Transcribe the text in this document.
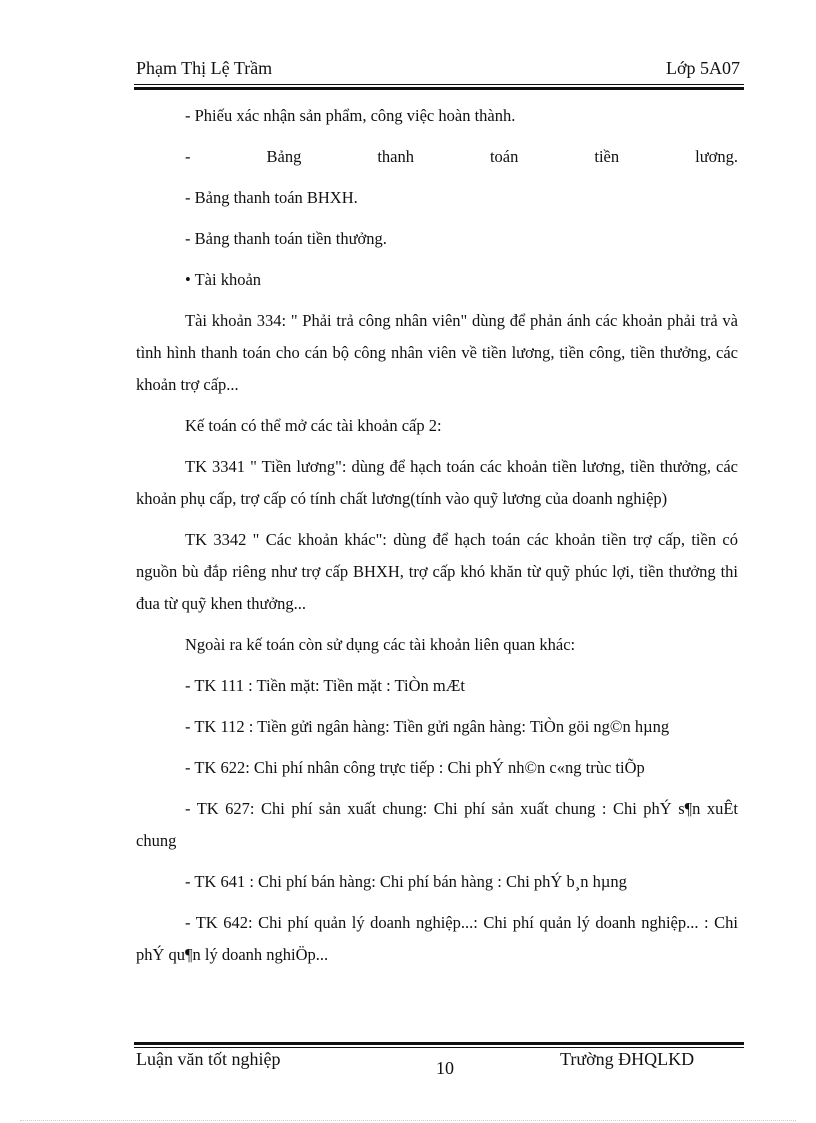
Phạm Thị Lệ Trầm	Lớp 5A07

- Phiếu xác nhận sản phẩm, công việc hoàn thành.

- Bảng thanh toán tiền lương.

- Bảng thanh toán BHXH.

- Bảng thanh toán tiền thưởng.

• Tài khoản

Tài khoản 334: " Phải trả công nhân viên" dùng để phản ánh các khoản phải trả và tình hình thanh toán cho cán bộ công nhân viên về tiền lương, tiền công, tiền thưởng, các khoản trợ cấp...

Kế toán có thể mở các tài khoản cấp 2:

TK 3341 " Tiền lương": dùng để hạch toán các khoản tiền lương, tiền thưởng, các khoản phụ cấp, trợ cấp có tính chất lương(tính vào quỹ lương của doanh nghiệp)

TK 3342 " Các khoản khác": dùng để hạch toán các khoản tiền trợ cấp, tiền có nguồn bù đắp riêng như trợ cấp BHXH, trợ cấp khó khăn từ quỹ phúc lợi, tiền thưởng thi đua từ quỹ khen thưởng...

Ngoài ra kế toán còn sử dụng các tài khoản liên quan khác:

- TK 111 : Tiền mặt: Tiền mặt : TiÒn mÆt

- TK 112 : Tiền gửi ngân hàng: Tiền gửi ngân hàng: TiÒn göi ng©n hµng

- TK 622: Chi phí nhân công trực tiếp : Chi phÝ nh©n c«ng trùc tiÕp

- TK 627: Chi phí sản xuất chung: Chi phí sản xuất chung : Chi phÝ s¶n xuÊt chung

- TK 641 : Chi phí bán hàng: Chi phí bán hàng : Chi phÝ b¸n hµng

- TK 642: Chi phí quản lý doanh nghiệp...: Chi phí quản lý doanh nghiệp... : Chi phÝ qu¶n lý doanh nghiÖp...

Luận văn tốt nghiệp	10	Trường ĐHQLKD
